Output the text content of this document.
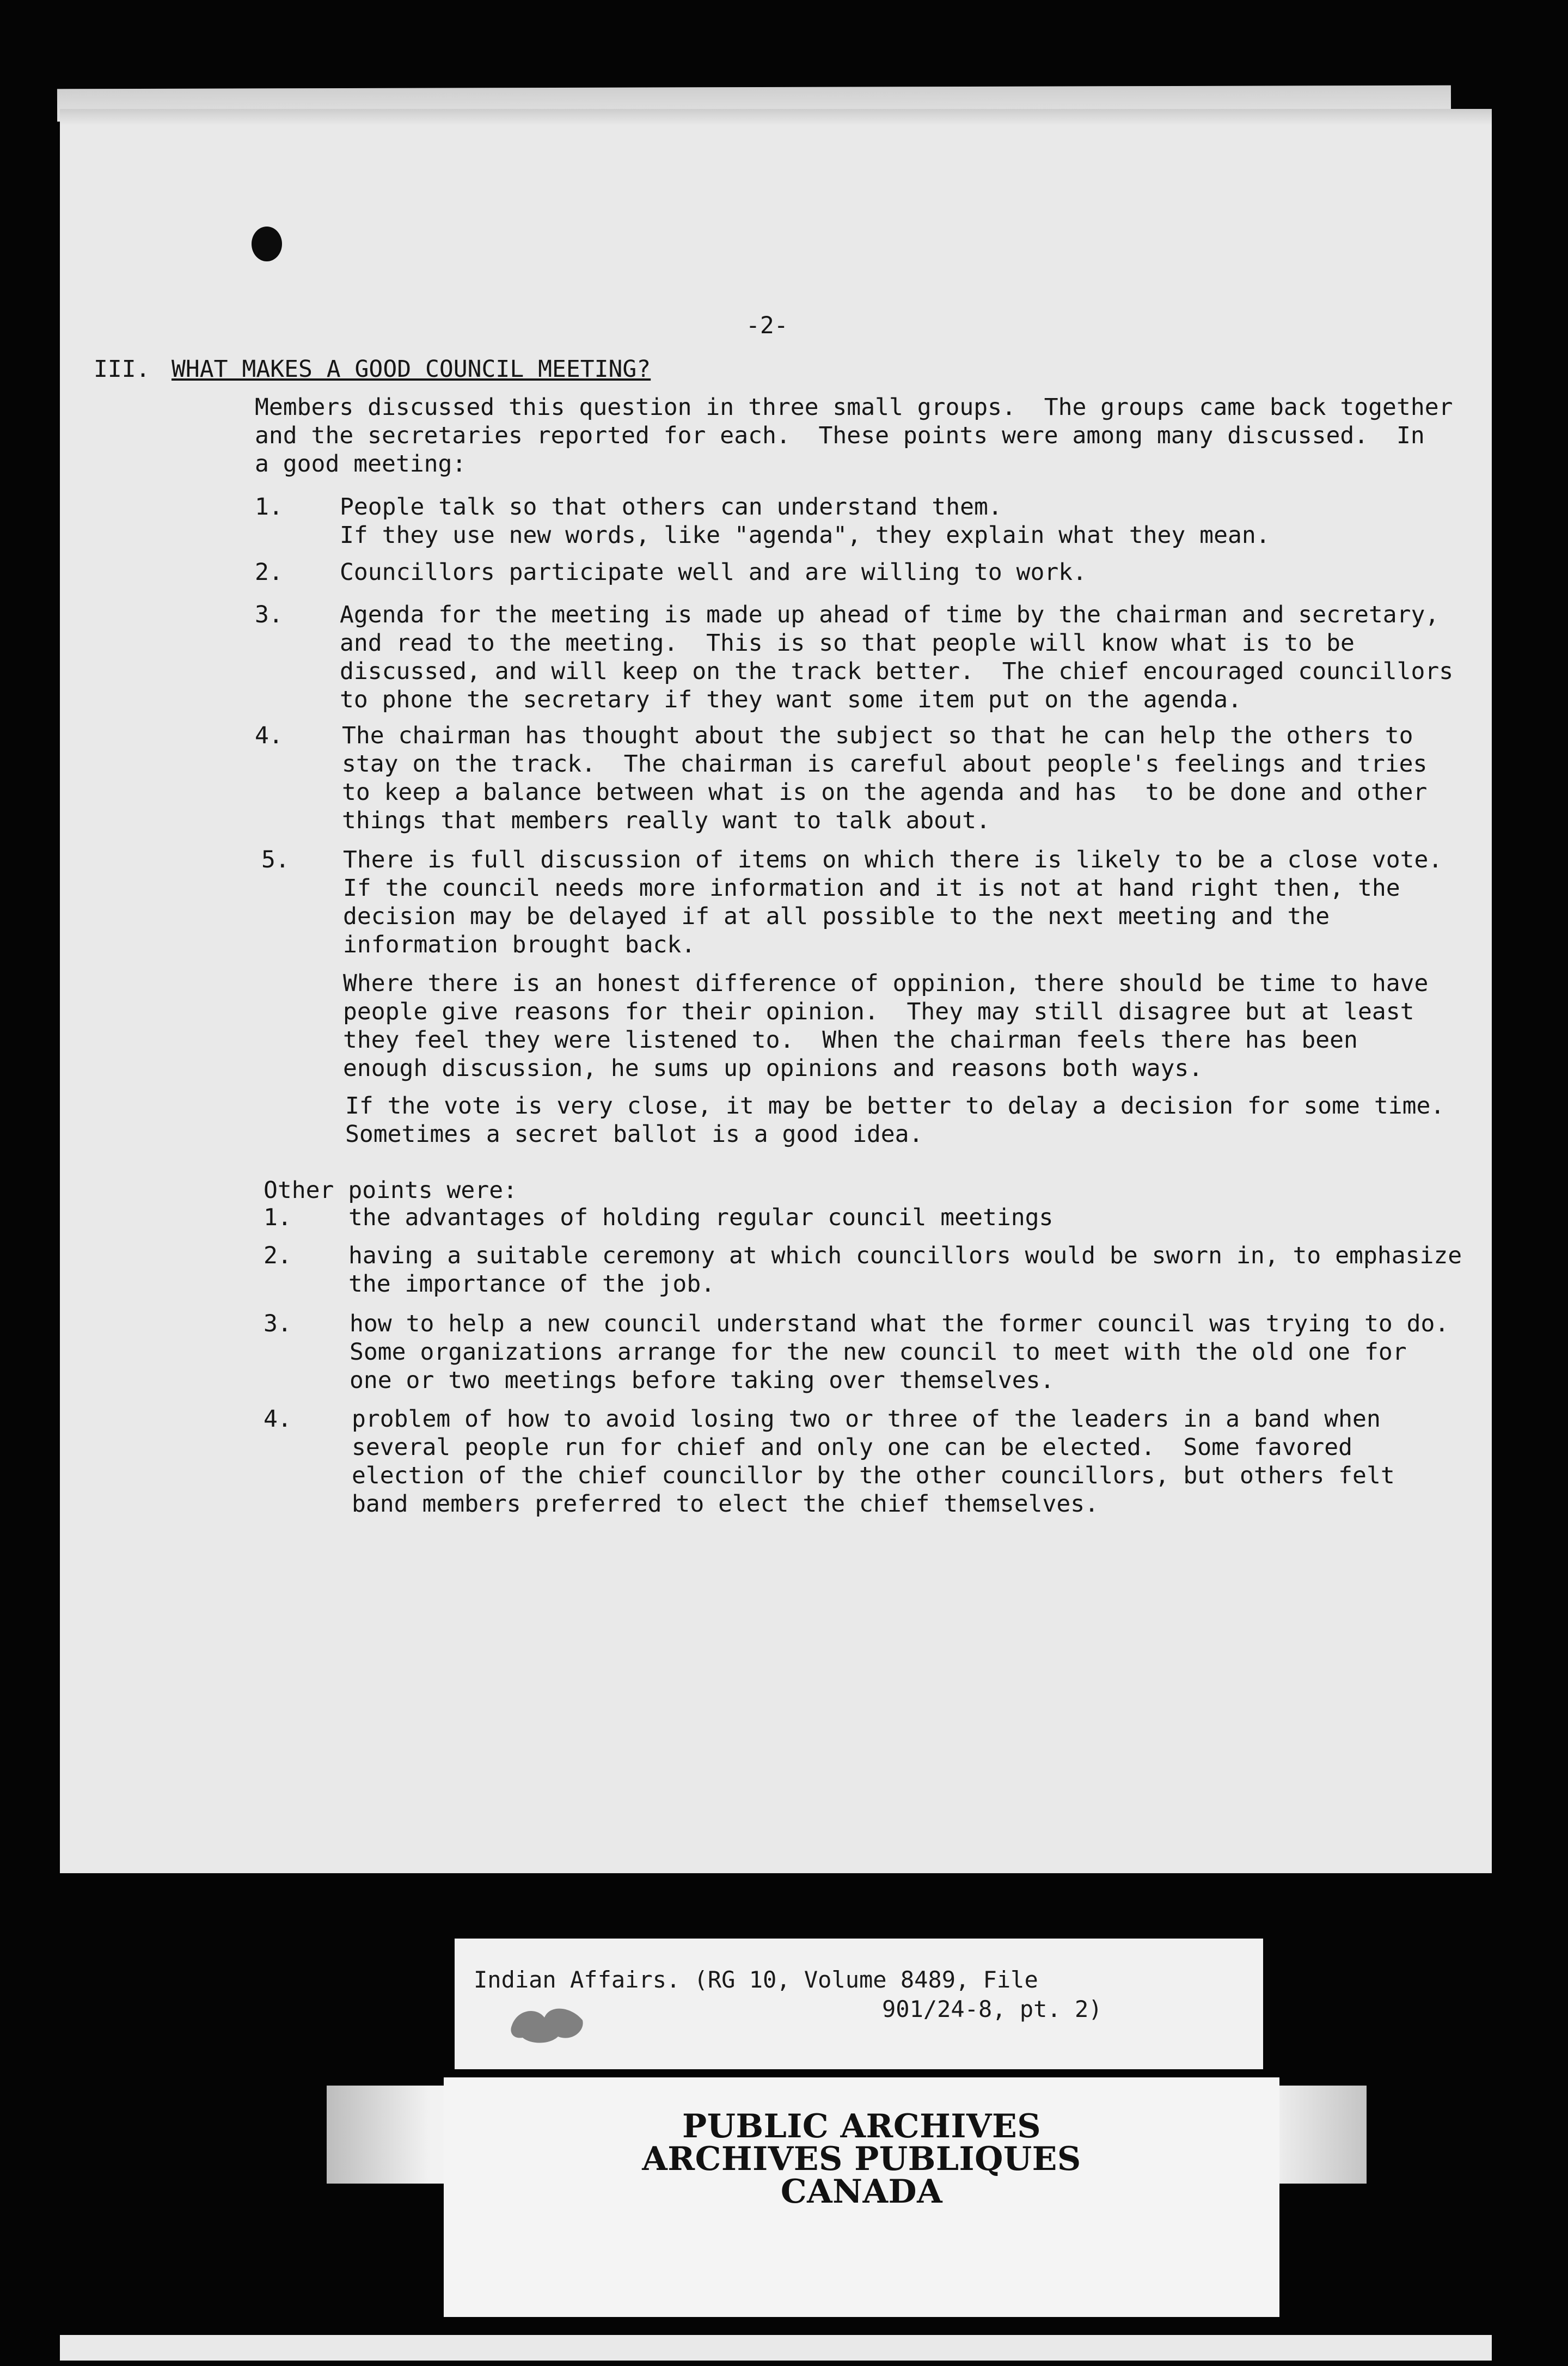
-2-
III. WHAT MAKES A GOOD COUNCIL MEETING?
Members discussed this question in three small groups.  The groups came back together
and the secretaries reported for each.  These points were among many discussed.  In
a good meeting:
1. People talk so that others can understand them.
If they use new words, like "agenda", they explain what they mean.
2. Councillors participate well and are willing to work.
3. Agenda for the meeting is made up ahead of time by the chairman and secretary,
and read to the meeting.  This is so that people will know what is to be
discussed, and will keep on the track better.  The chief encouraged councillors
to phone the secretary if they want some item put on the agenda.
4.	The chairman has thought about the subject so that he can help the others to
stay on the track.  The chairman is careful about people's feelings and tries
to keep a balance between what is on the agenda and has  to be done and other
things that members really want to talk about.
5. There is full discussion of items on which there is likely to be a close vote.
If the council needs more information and it is not at hand right then, the
decision may be delayed if at all possible to the next meeting and the
information brought back.
Where there is an honest difference of oppinion, there should be time to have
people give reasons for their opinion.  They may still disagree but at least
they feel they were listened to.  When the chairman feels there has been
enough discussion, he sums up opinions and reasons both ways.
If the vote is very close, it may be better to delay a decision for some time.
Sometimes a secret ballot is a good idea.
Other points were:
1. the advantages of holding regular council meetings
2. having a suitable ceremony at which councillors would be sworn in, to emphasize
the importance of the job.
3. how to help a new council understand what the former council was trying to do.
Some organizations arrange for the new council to meet with the old one for
one or two meetings before taking over themselves.
4.	problem of how to avoid losing two or three of the leaders in a band when
several people run for chief and only one can be elected.  Some favored
election of the chief councillor by the other councillors, but others felt
band members preferred to elect the chief themselves.
Indian Affairs. (RG 10, Volume 8489, File
901/24-8, pt. 2)
PUBLIC ARCHIVES
ARCHIVES PUBLIQUES
CANADA
